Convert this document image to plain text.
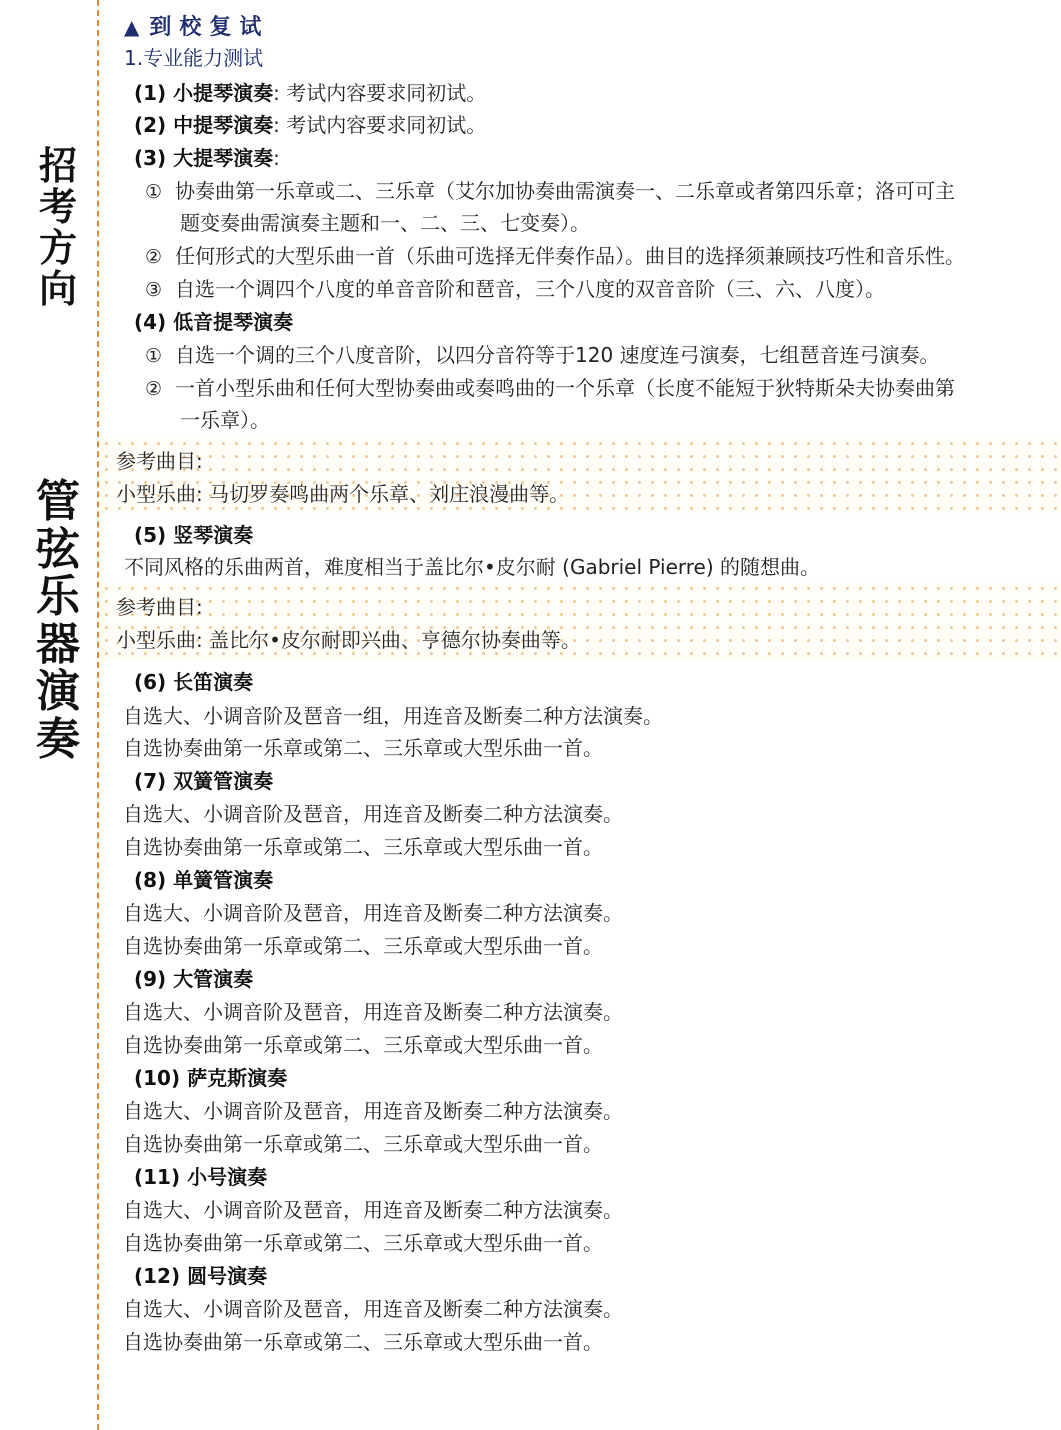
招
考
方
向
管
弦
乐
器
演
奏
▲ 到校复试
1.专业能力测试
(1) 小提琴演奏: 考试内容要求同初试。
(2) 中提琴演奏: 考试内容要求同初试。
(3) 大提琴演奏:
① 协奏曲第一乐章或二、三乐章（艾尔加协奏曲需演奏一、二乐章或者第四乐章；洛可可主
题变奏曲需演奏主题和一、二、三、七变奏）。
② 任何形式的大型乐曲一首（乐曲可选择无伴奏作品）。曲目的选择须兼顾技巧性和音乐性。
③ 自选一个调四个八度的单音音阶和琶音，三个八度的双音音阶（三、六、八度）。
(4) 低音提琴演奏
① 自选一个调的三个八度音阶，以四分音符等于120 速度连弓演奏，七组琶音连弓演奏。
② 一首小型乐曲和任何大型协奏曲或奏鸣曲的一个乐章（长度不能短于狄特斯朵夫协奏曲第
一乐章）。
参考曲目:
小型乐曲: 马切罗奏鸣曲两个乐章、刘庄浪漫曲等。
(5) 竖琴演奏
不同风格的乐曲两首，难度相当于盖比尔•皮尔耐 (Gabriel Pierre) 的随想曲。
参考曲目:
小型乐曲: 盖比尔•皮尔耐即兴曲、亨德尔协奏曲等。
(6) 长笛演奏
自选大、小调音阶及琶音一组，用连音及断奏二种方法演奏。
自选协奏曲第一乐章或第二、三乐章或大型乐曲一首。
(7) 双簧管演奏
自选大、小调音阶及琶音，用连音及断奏二种方法演奏。
自选协奏曲第一乐章或第二、三乐章或大型乐曲一首。
(8) 单簧管演奏
自选大、小调音阶及琶音，用连音及断奏二种方法演奏。
自选协奏曲第一乐章或第二、三乐章或大型乐曲一首。
(9) 大管演奏
自选大、小调音阶及琶音，用连音及断奏二种方法演奏。
自选协奏曲第一乐章或第二、三乐章或大型乐曲一首。
(10) 萨克斯演奏
自选大、小调音阶及琶音，用连音及断奏二种方法演奏。
自选协奏曲第一乐章或第二、三乐章或大型乐曲一首。
(11) 小号演奏
自选大、小调音阶及琶音，用连音及断奏二种方法演奏。
自选协奏曲第一乐章或第二、三乐章或大型乐曲一首。
(12) 圆号演奏
自选大、小调音阶及琶音，用连音及断奏二种方法演奏。
自选协奏曲第一乐章或第二、三乐章或大型乐曲一首。
